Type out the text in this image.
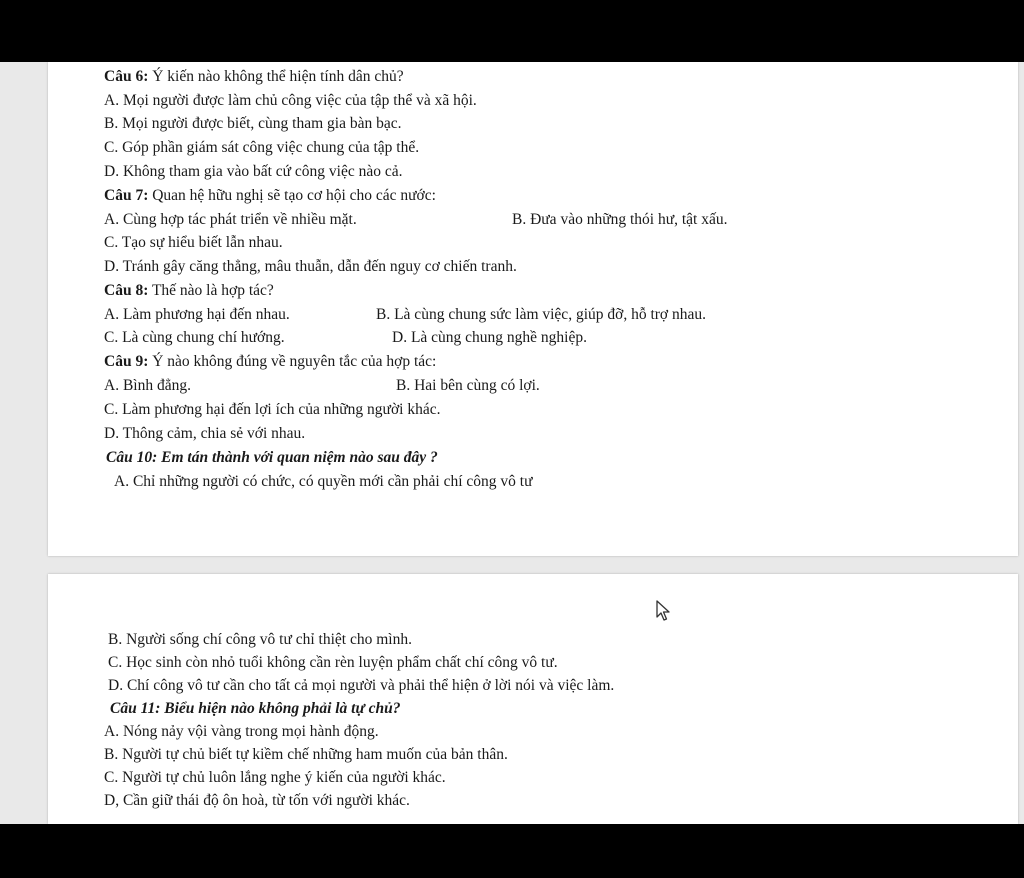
Câu 6: Ý kiến nào không thể hiện tính dân chủ?
A. Mọi người được làm chủ công việc của tập thể và xã hội.
B. Mọi người được biết, cùng tham gia bàn bạc.
C. Góp phần giám sát công việc chung của tập thể.
D. Không tham gia vào bất cứ công việc nào cả.
Câu 7: Quan hệ hữu nghị sẽ tạo cơ hội cho các nước:
A. Cùng hợp tác phát triển về nhiều mặt.	B. Đưa vào những thói hư, tật xấu.
C. Tạo sự hiểu biết lẫn nhau.
D. Tránh gây căng thẳng, mâu thuẫn, dẫn đến nguy cơ chiến tranh.
Câu 8: Thế nào là hợp tác?
A. Làm phương hại đến nhau.	B. Là cùng chung sức làm việc, giúp đỡ, hỗ trợ nhau.
C. Là cùng chung chí hướng.	D. Là cùng chung nghề nghiệp.
Câu 9: Ý nào không đúng về nguyên tắc của hợp tác:
A. Bình đẳng.	B. Hai bên cùng có lợi.
C. Làm phương hại đến lợi ích của những người khác.
D. Thông cảm, chia sẻ với nhau.
Câu 10: Em tán thành với quan niệm nào sau đây ?
A. Chỉ những người có chức, có quyền mới cần phải chí công vô tư
B. Người sống chí công vô tư chỉ thiệt cho mình.
C. Học sinh còn nhỏ tuổi không cần rèn luyện phẩm chất chí công vô tư.
D. Chí công vô tư cần cho tất cả mọi người và phải thể hiện ở lời nói và việc làm.
Câu 11: Biểu hiện nào không phải là tự chủ?
A. Nóng nảy vội vàng trong mọi hành động.
B. Người tự chủ biết tự kiềm chế những ham muốn của bản thân.
C. Người tự chủ luôn lắng nghe ý kiến của người khác.
D, Cần giữ thái độ ôn hoà, từ tốn với người khác.
